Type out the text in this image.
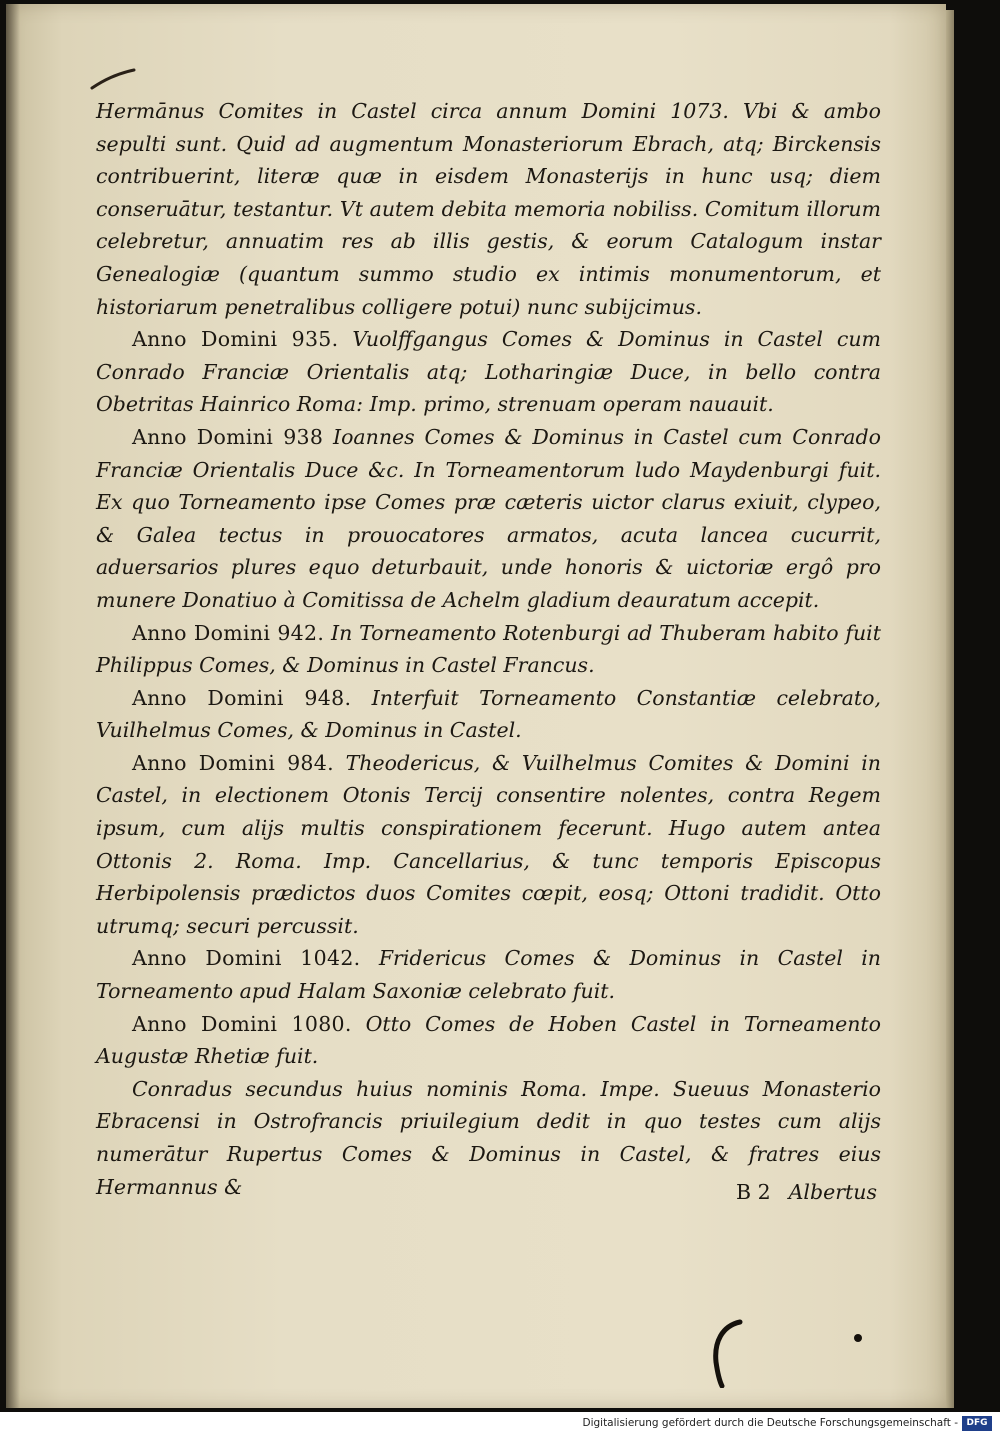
Hermānus Comites in Castel circa annum Domini 1073. Vbi & ambo sepulti sunt. Quid ad augmentum Monasteriorum Ebrach, atq; Birckensis contribuerint, literæ quæ in eisdem Monasterijs in hunc usq; diem conseruātur, testantur. Vt autem debita memoria nobiliss. Comitum illorum celebretur, annuatim res ab illis gestis, & eorum Catalogum instar Genealogiæ (quantum summo studio ex intimis monumentorum, et historiarum penetralibus colligere potui) nunc subijcimus.

Anno Domini 935. Vuolffgangus Comes & Dominus in Castel cum Conrado Franciæ Orientalis atq; Lotharingiæ Duce, in bello contra Obetritas Hainrico Roma: Imp. primo, strenuam operam nauauit.

Anno Domini 938 Ioannes Comes & Dominus in Castel cum Conrado Franciæ Orientalis Duce &c. In Torneamentorum ludo Maydenburgi fuit. Ex quo Torneamento ipse Comes præ cæteris uictor clarus exiuit, clypeo, & Galea tectus in prouocatores armatos, acuta lancea cucurrit, aduersarios plures equo deturbauit, unde honoris & uictoriæ ergô pro munere Donatiuo à Comitissa de Achelm gladium deauratum accepit.

Anno Domini 942. In Torneamento Rotenburgi ad Thuberam habito fuit Philippus Comes, & Dominus in Castel Francus.

Anno Domini 948. Interfuit Torneamento Constantiæ celebrato, Vuilhelmus Comes, & Dominus in Castel.

Anno Domini 984. Theodericus, & Vuilhelmus Comites & Domini in Castel, in electionem Otonis Tercij consentire nolentes, contra Regem ipsum, cum alijs multis conspirationem fecerunt. Hugo autem antea Ottonis 2. Roma. Imp. Cancellarius, & tunc temporis Episcopus Herbipolensis prædictos duos Comites cœpit, eosq; Ottoni tradidit. Otto utrumq; securi percussit.

Anno Domini 1042. Fridericus Comes & Dominus in Castel in Torneamento apud Halam Saxoniæ celebrato fuit.

Anno Domini 1080. Otto Comes de Hoben Castel in Torneamento Augustæ Rhetiæ fuit.

Conradus secundus huius nominis Roma. Impe. Sueuus Monasterio Ebracensi in Ostrofrancis priuilegium dedit in quo testes cum alijs numerātur Rupertus Comes & Dominus in Castel, & fratres eius Hermannus &	B 2 Albertus
Digitalisierung gefördert durch die Deutsche Forschungsgemeinschaft - DFG
